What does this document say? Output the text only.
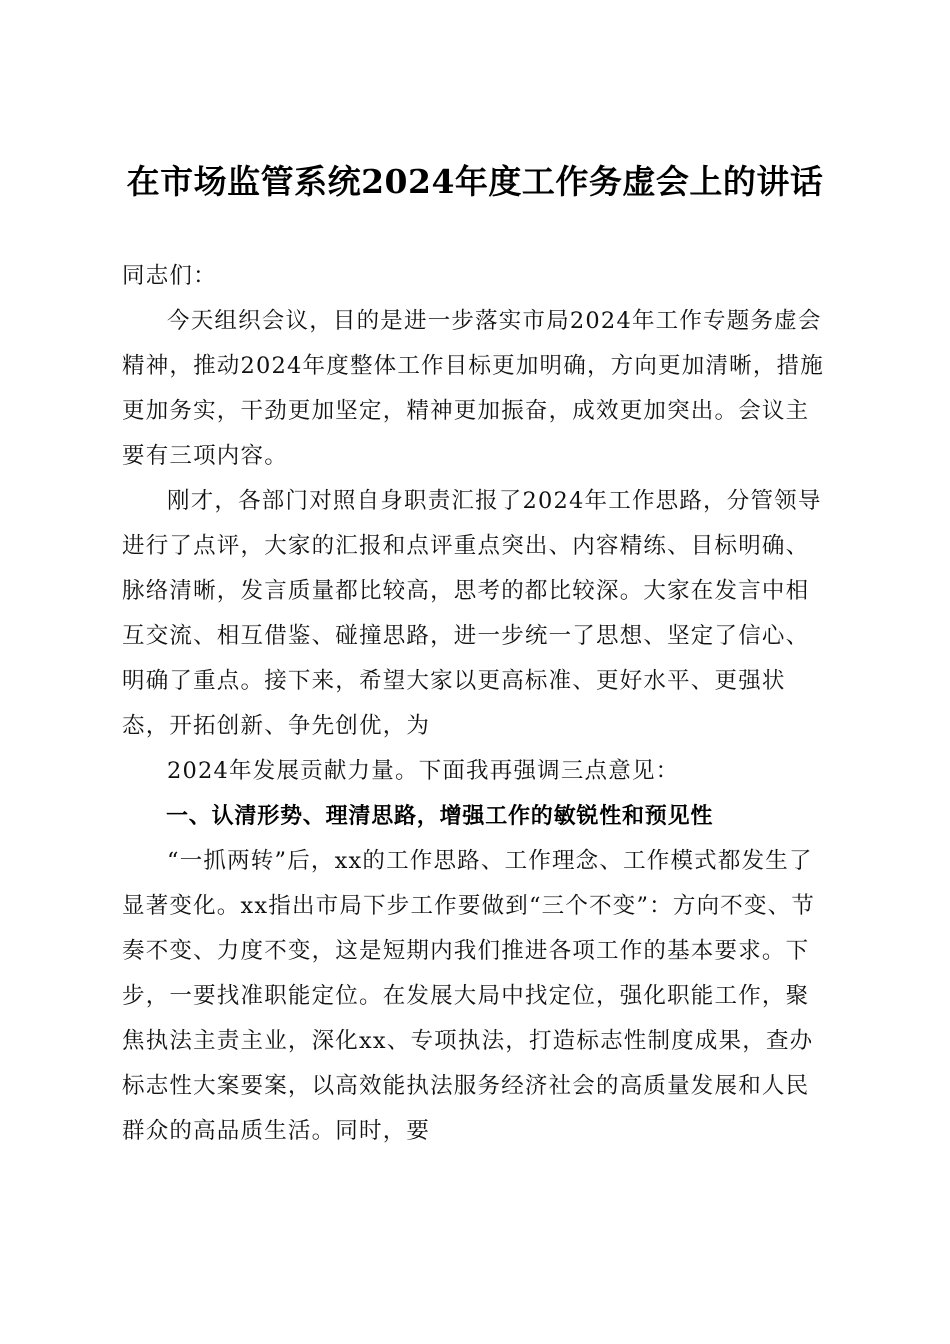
在市场监管系统2024年度工作务虚会上的讲话

同志们：

今天组织会议，目的是进一步落实市局2024年工作专题务虚会精神，推动2024年度整体工作目标更加明确，方向更加清晰，措施更加务实，干劲更加坚定，精神更加振奋，成效更加突出。会议主要有三项内容。

刚才，各部门对照自身职责汇报了2024年工作思路，分管领导进行了点评，大家的汇报和点评重点突出、内容精练、目标明确、脉络清晰，发言质量都比较高，思考的都比较深。大家在发言中相互交流、相互借鉴、碰撞思路，进一步统一了思想、坚定了信心、明确了重点。接下来，希望大家以更高标准、更好水平、更强状态，开拓创新、争先创优，为

2024年发展贡献力量。下面我再强调三点意见：

一、认清形势、理清思路，增强工作的敏锐性和预见性

“一抓两转”后，xx的工作思路、工作理念、工作模式都发生了显著变化。xx指出市局下步工作要做到“三个不变”：方向不变、节奏不变、力度不变，这是短期内我们推进各项工作的基本要求。下步，一要找准职能定位。在发展大局中找定位，强化职能工作，聚焦执法主责主业，深化xx、专项执法，打造标志性制度成果，查办标志性大案要案，以高效能执法服务经济社会的高质量发展和人民群众的高品质生活。同时，要
